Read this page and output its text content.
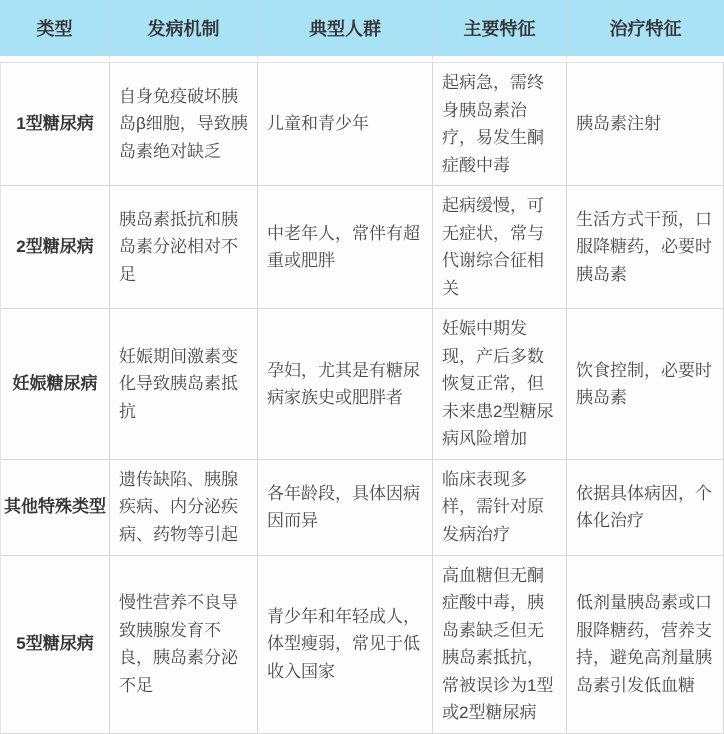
类型	发病机制	典型人群	主要特征	治疗特征
1型糖尿病	自身免疫破坏胰岛β细胞，导致胰岛素绝对缺乏	儿童和青少年	起病急，需终身胰岛素治疗，易发生酮症酸中毒	胰岛素注射
2型糖尿病	胰岛素抵抗和胰岛素分泌相对不足	中老年人，常伴有超重或肥胖	起病缓慢，可无症状，常与代谢综合征相关	生活方式干预，口服降糖药，必要时胰岛素
妊娠糖尿病	妊娠期间激素变化导致胰岛素抵抗	孕妇，尤其是有糖尿病家族史或肥胖者	妊娠中期发现，产后多数恢复正常，但未来患2型糖尿病风险增加	饮食控制，必要时胰岛素
其他特殊类型	遗传缺陷、胰腺疾病、内分泌疾病、药物等引起	各年龄段，具体因病因而异	临床表现多样，需针对原发病治疗	依据具体病因，个体化治疗
5型糖尿病	慢性营养不良导致胰腺发育不良，胰岛素分泌不足	青少年和年轻成人，体型瘦弱，常见于低收入国家	高血糖但无酮症酸中毒，胰岛素缺乏但无胰岛素抵抗，常被误诊为1型或2型糖尿病	低剂量胰岛素或口服降糖药，营养支持，避免高剂量胰岛素引发低血糖
